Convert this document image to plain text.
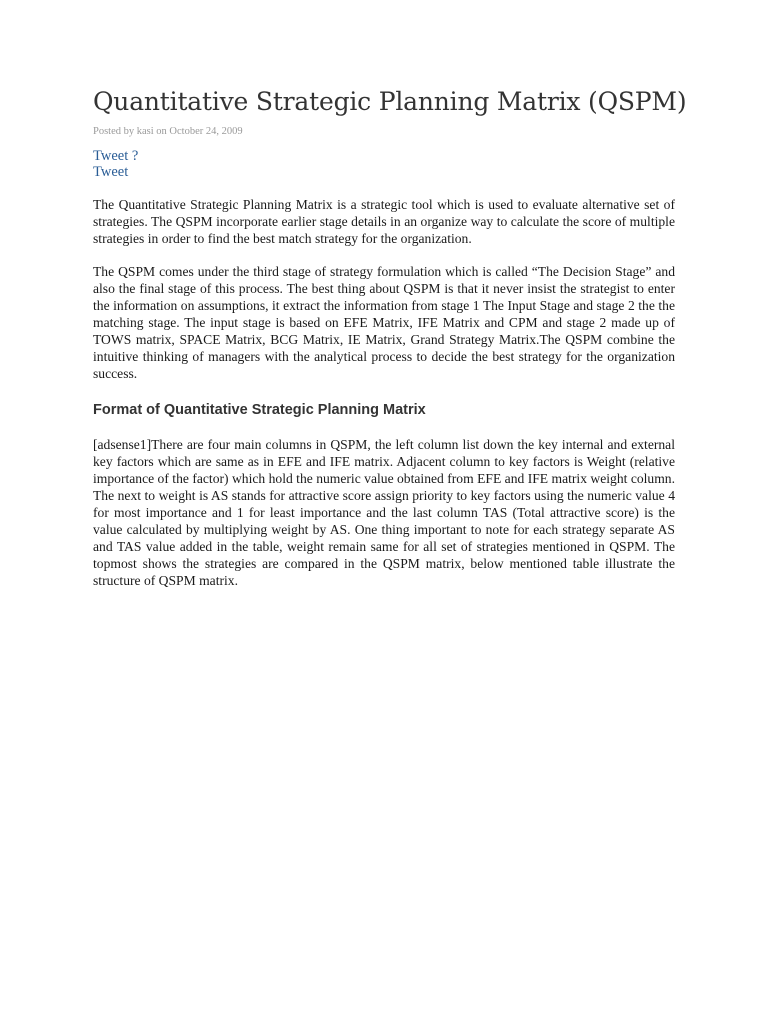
Quantitative Strategic Planning Matrix (QSPM)
Posted by kasi on October 24, 2009
Tweet ?
Tweet

The Quantitative Strategic Planning Matrix is a strategic tool which is used to evaluate alternative set of strategies. The QSPM incorporate earlier stage details in an organize way to calculate the score of multiple strategies in order to find the best match strategy for the organization.

The QSPM comes under the third stage of strategy formulation which is called “The Decision Stage” and also the final stage of this process. The best thing about QSPM is that it never insist the strategist to enter the information on assumptions, it extract the information from stage 1 The Input Stage and stage 2 the the matching stage. The input stage is based on EFE Matrix, IFE Matrix and CPM and stage 2 made up of TOWS matrix, SPACE Matrix, BCG Matrix, IE Matrix, Grand Strategy Matrix.The QSPM combine the intuitive thinking of managers with the analytical process to decide the best strategy for the organization success.

Format of Quantitative Strategic Planning Matrix

[adsense1]There are four main columns in QSPM, the left column list down the key internal and external key factors which are same as in EFE and IFE matrix. Adjacent column to key factors is Weight (relative importance of the factor) which hold the numeric value obtained from EFE and IFE matrix weight column. The next to weight is AS stands for attractive score assign priority to key factors using the numeric value 4 for most importance and 1 for least importance and the last column TAS (Total attractive score) is the value calculated by multiplying weight by AS. One thing important to note for each strategy separate AS and TAS value added in the table, weight remain same for all set of strategies mentioned in QSPM. The topmost shows the strategies are compared in the QSPM matrix, below mentioned table illustrate the structure of QSPM matrix.
